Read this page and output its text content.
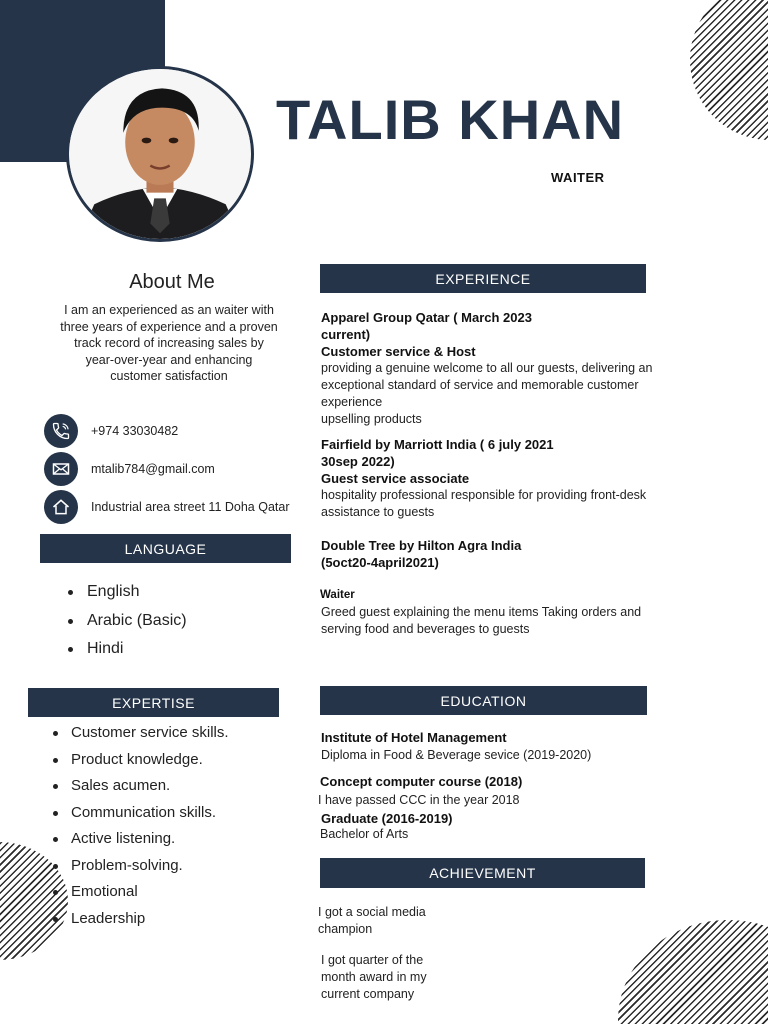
TALIB KHAN
WAITER
About Me
I am an experienced as an waiter with three years of experience and a proven track record of increasing sales by year-over-year and enhancing customer satisfaction
+974 33030482
mtalib784@gmail.com
Industrial area street 11 Doha Qatar
LANGUAGE
English
Arabic (Basic)
Hindi
EXPERTISE
Customer service skills.
Product knowledge.
Sales acumen.
Communication skills.
Active listening.
Problem-solving.
Emotional
Leadership
EXPERIENCE
Apparel Group Qatar ( March 2023
current)
Customer service & Host
providing a genuine welcome to all our guests, delivering an
exceptional standard of service and memorable customer
experience
upselling products
Fairfield by Marriott India ( 6 july 2021
30sep 2022)
Guest service associate
hospitality professional responsible for providing front-desk
assistance to guests
Double Tree by Hilton Agra India
(5oct20-4april2021)
Waiter
Greed guest explaining the menu items Taking orders and
serving food and beverages to guests
EDUCATION
Institute of Hotel Management
Diploma in Food & Beverage sevice (2019-2020)
Concept computer course (2018)
I have passed CCC in the year 2018
Graduate (2016-2019)
Bachelor of Arts
ACHIEVEMENT
I got a social media
champion
I got quarter of the
month award in my
current company
